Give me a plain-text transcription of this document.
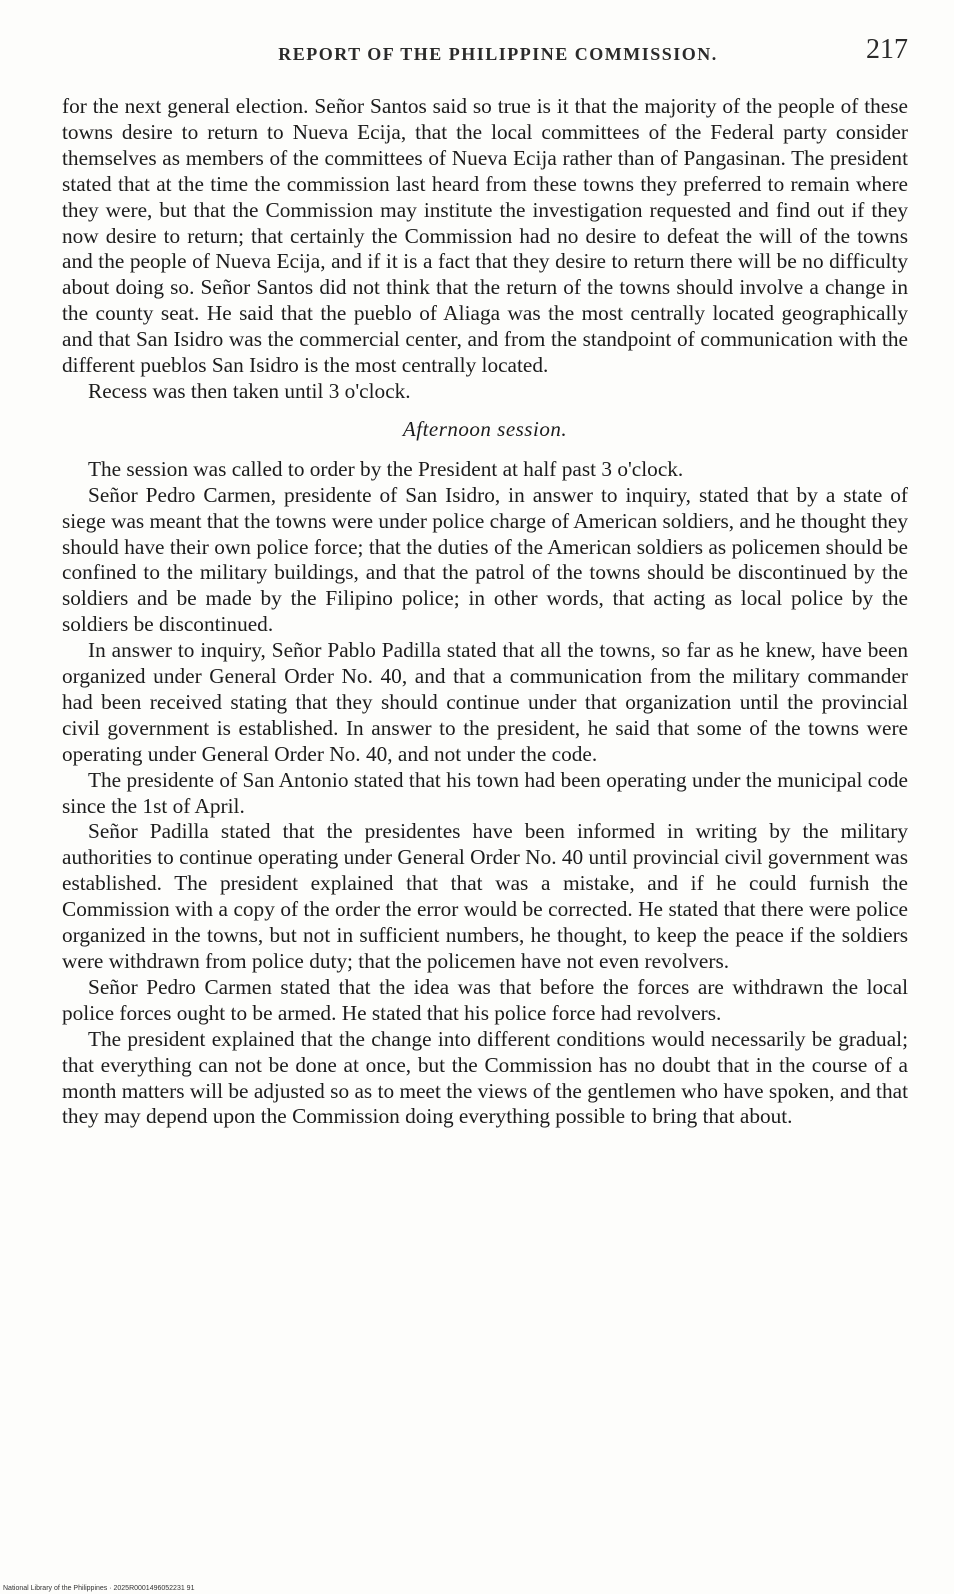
REPORT OF THE PHILIPPINE COMMISSION.	217

for the next general election. Señor Santos said so true is it that the majority of the people of these towns desire to return to Nueva Ecija, that the local committees of the Federal party consider themselves as members of the committees of Nueva Ecija rather than of Pangasinan. The president stated that at the time the commission last heard from these towns they preferred to remain where they were, but that the Commission may institute the investigation requested and find out if they now desire to return; that certainly the Commission had no desire to defeat the will of the towns and the people of Nueva Ecija, and if it is a fact that they desire to return there will be no difficulty about doing so. Señor Santos did not think that the return of the towns should involve a change in the county seat. He said that the pueblo of Aliaga was the most centrally located geographically and that San Isidro was the commercial center, and from the standpoint of communication with the different pueblos San Isidro is the most centrally located.

Recess was then taken until 3 o'clock.

Afternoon session.

The session was called to order by the President at half past 3 o'clock.

Señor Pedro Carmen, presidente of San Isidro, in answer to inquiry, stated that by a state of siege was meant that the towns were under police charge of American soldiers, and he thought they should have their own police force; that the duties of the American soldiers as policemen should be confined to the military buildings, and that the patrol of the towns should be discontinued by the soldiers and be made by the Filipino police; in other words, that acting as local police by the soldiers be discontinued.

In answer to inquiry, Señor Pablo Padilla stated that all the towns, so far as he knew, have been organized under General Order No. 40, and that a communication from the military commander had been received stating that they should continue under that organization until the provincial civil government is established. In answer to the president, he said that some of the towns were operating under General Order No. 40, and not under the code.

The presidente of San Antonio stated that his town had been operating under the municipal code since the 1st of April.

Señor Padilla stated that the presidentes have been informed in writing by the military authorities to continue operating under General Order No. 40 until provincial civil government was established. The president explained that that was a mistake, and if he could furnish the Commission with a copy of the order the error would be corrected. He stated that there were police organized in the towns, but not in sufficient numbers, he thought, to keep the peace if the soldiers were withdrawn from police duty; that the policemen have not even revolvers.

Señor Pedro Carmen stated that the idea was that before the forces are withdrawn the local police forces ought to be armed. He stated that his police force had revolvers.

The president explained that the change into different conditions would necessarily be gradual; that everything can not be done at once, but the Commission has no doubt that in the course of a month matters will be adjusted so as to meet the views of the gentlemen who have spoken, and that they may depend upon the Commission doing everything possible to bring that about.

National Library of the Philippines · 2025R0001496052231 91
